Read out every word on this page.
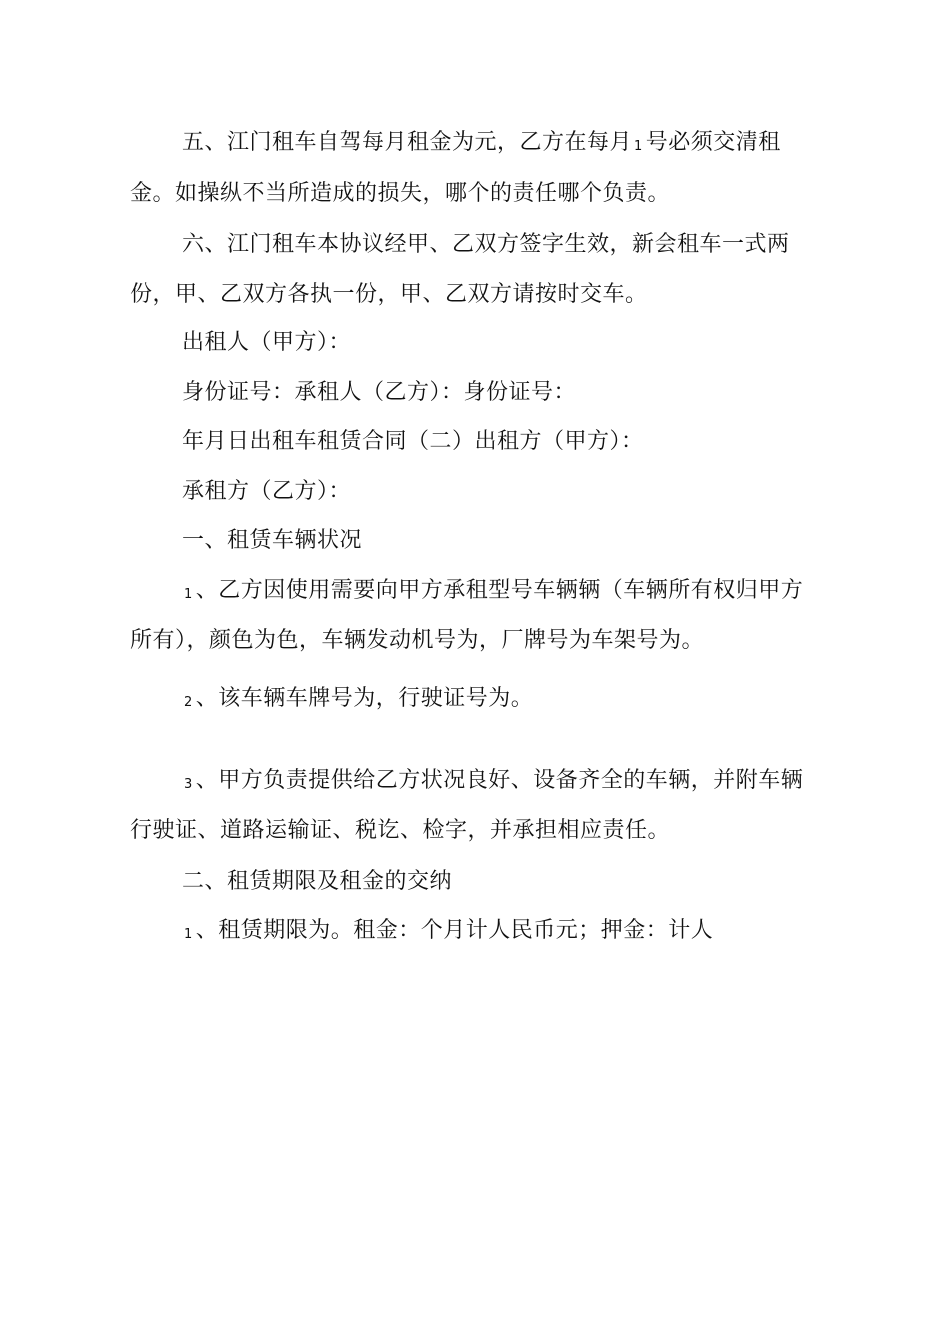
五、江门租车自驾每月租金为元，乙方在每月 1 号必须交清租
金。如操纵不当所造成的损失，哪个的责任哪个负责。
六、江门租车本协议经甲、乙双方签字生效，新会租车一式两
份，甲、乙双方各执一份，甲、乙双方请按时交车。
出租人（甲方）：
身份证号：承租人（乙方）：身份证号：
年月日出租车租赁合同（二）出租方（甲方）：
承租方（乙方）：
一、租赁车辆状况
1 、乙方因使用需要向甲方承租型号车辆辆（车辆所有权归甲方
所有），颜色为色，车辆发动机号为，厂牌号为车架号为。
2 、该车辆车牌号为，行驶证号为。
3 、甲方负责提供给乙方状况良好、设备齐全的车辆，并附车辆
行驶证、道路运输证、税讫、检字，并承担相应责任。
二、租赁期限及租金的交纳
1 、租赁期限为。租金：个月计人民币元；押金：计人
